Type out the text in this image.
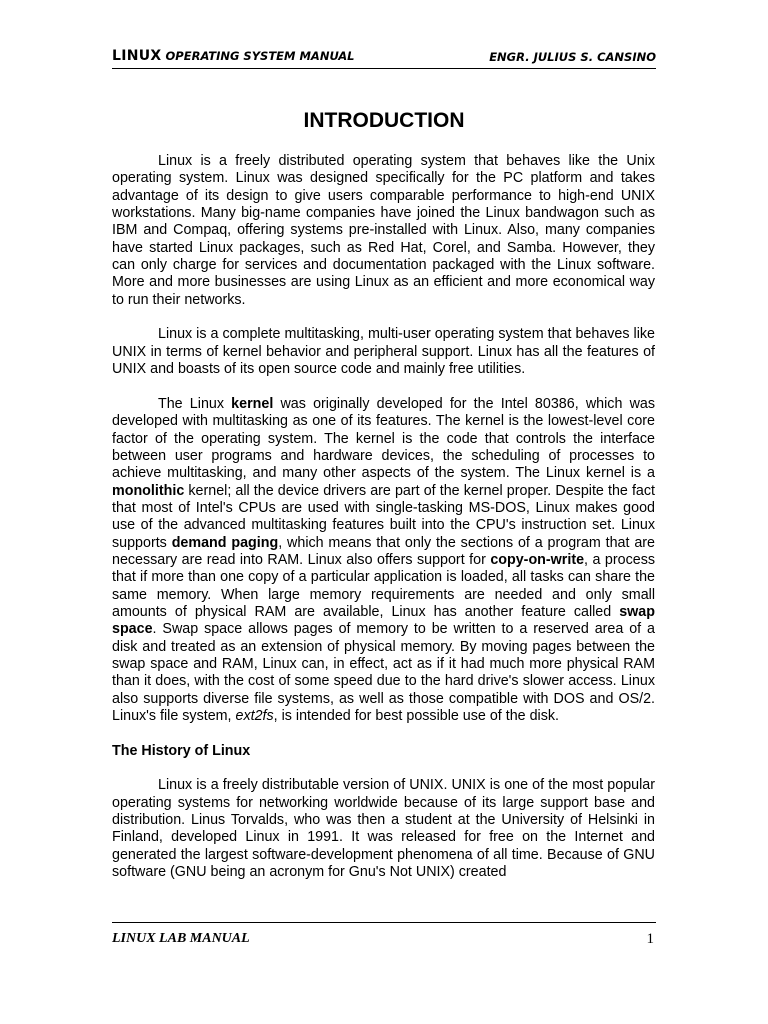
LINUX OPERATING SYSTEM MANUAL	ENGR. JULIUS S. CANSINO
INTRODUCTION

Linux is a freely distributed operating system that behaves like the Unix operating system. Linux was designed specifically for the PC platform and takes advantage of its design to give users comparable performance to high-end UNIX workstations. Many big-name companies have joined the Linux bandwagon such as IBM and Compaq, offering systems pre-installed with Linux. Also, many companies have started Linux packages, such as Red Hat, Corel, and Samba. However, they can only charge for services and documentation packaged with the Linux software. More and more businesses are using Linux as an efficient and more economical way to run their networks.

Linux is a complete multitasking, multi-user operating system that behaves like UNIX in terms of kernel behavior and peripheral support. Linux has all the features of UNIX and boasts of its open source code and mainly free utilities.

The Linux kernel was originally developed for the Intel 80386, which was developed with multitasking as one of its features. The kernel is the lowest-level core factor of the operating system. The kernel is the code that controls the interface between user programs and hardware devices, the scheduling of processes to achieve multitasking, and many other aspects of the system. The Linux kernel is a monolithic kernel; all the device drivers are part of the kernel proper. Despite the fact that most of Intel's CPUs are used with single-tasking MS-DOS, Linux makes good use of the advanced multitasking features built into the CPU's instruction set. Linux supports demand paging, which means that only the sections of a program that are necessary are read into RAM. Linux also offers support for copy-on-write, a process that if more than one copy of a particular application is loaded, all tasks can share the same memory. When large memory requirements are needed and only small amounts of physical RAM are available, Linux has another feature called swap space. Swap space allows pages of memory to be written to a reserved area of a disk and treated as an extension of physical memory. By moving pages between the swap space and RAM, Linux can, in effect, act as if it had much more physical RAM than it does, with the cost of some speed due to the hard drive's slower access. Linux also supports diverse file systems, as well as those compatible with DOS and OS/2. Linux's file system, ext2fs, is intended for best possible use of the disk.

The History of Linux

Linux is a freely distributable version of UNIX. UNIX is one of the most popular operating systems for networking worldwide because of its large support base and distribution. Linus Torvalds, who was then a student at the University of Helsinki in Finland, developed Linux in 1991. It was released for free on the Internet and generated the largest software-development phenomena of all time. Because of GNU software (GNU being an acronym for Gnu's Not UNIX) created

LINUX LAB MANUAL	1
